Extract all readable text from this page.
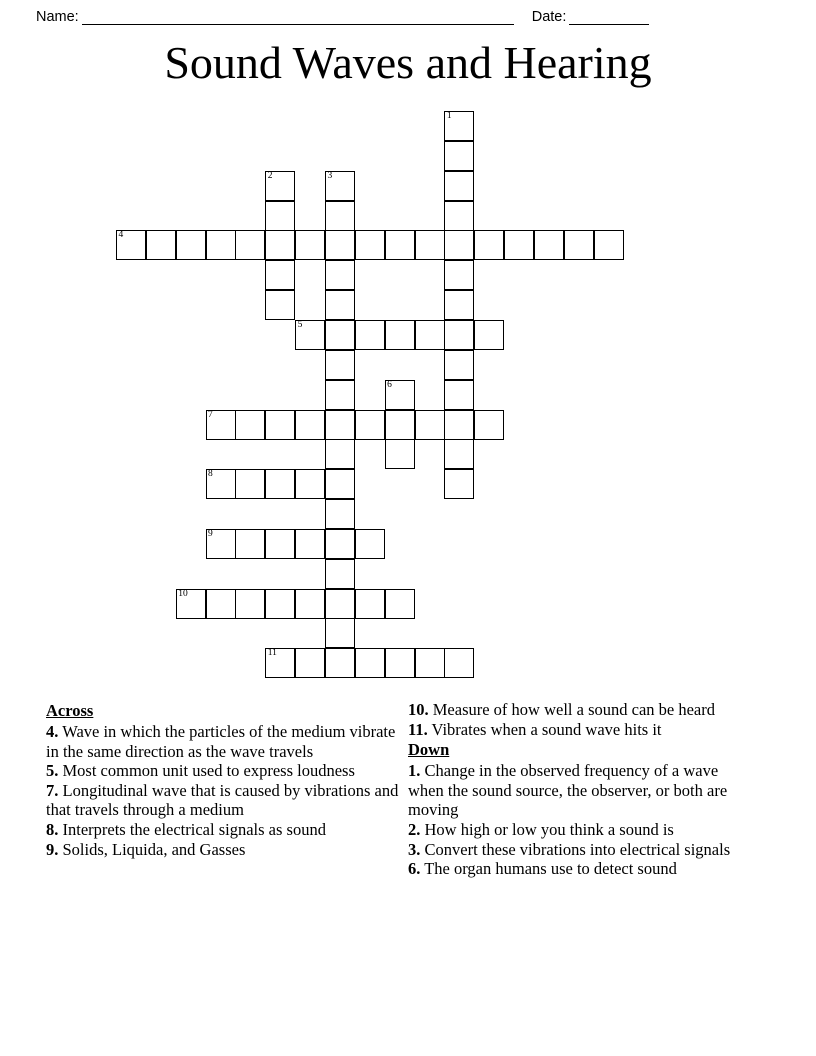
Name:	Date:
Sound Waves and Hearing
1
2	3
4
5
6
7
8
9
10
11
Across
4. Wave in which the particles of the medium vibrate in the same direction as the wave travels
5. Most common unit used to express loudness
7. Longitudinal wave that is caused by vibrations and that travels through a medium
8. Interprets the electrical signals as sound
9. Solids, Liquida, and Gasses
10. Measure of how well a sound can be heard
11. Vibrates when a sound wave hits it
Down
1. Change in the observed frequency of a wave when the sound source, the observer, or both are moving
2. How high or low you think a sound is
3. Convert these vibrations into electrical signals
6. The organ humans use to detect sound
